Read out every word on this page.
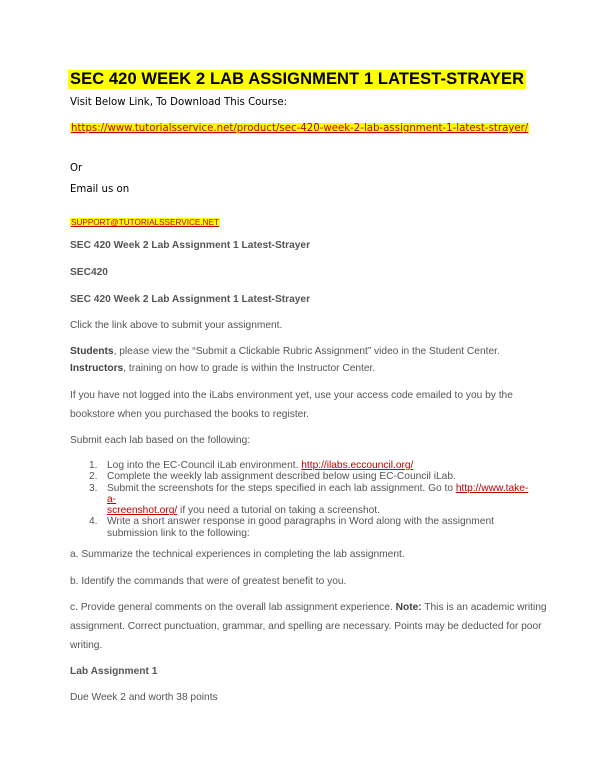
SEC 420 WEEK 2 LAB ASSIGNMENT 1 LATEST-STRAYER
Visit Below Link, To Download This Course:
https://www.tutorialsservice.net/product/sec-420-week-2-lab-assignment-1-latest-strayer/
Or
Email us on
SUPPORT@TUTORIALSSERVICE.NET
SEC 420 Week 2 Lab Assignment 1 Latest-Strayer
SEC420
SEC 420 Week 2 Lab Assignment 1 Latest-Strayer
Click the link above to submit your assignment.
Students, please view the “Submit a Clickable Rubric Assignment” video in the Student Center.
Instructors, training on how to grade is within the Instructor Center.
If you have not logged into the iLabs environment yet, use your access code emailed to you by the
bookstore when you purchased the books to register.
Submit each lab based on the following:
1. Log into the EC-Council iLab environment. http://ilabs.eccouncil.org/
2. Complete the weekly lab assignment described below using EC-Council iLab.
3. Submit the screenshots for the steps specified in each lab assignment. Go to http://www.take-a-
screenshot.org/ if you need a tutorial on taking a screenshot.
4. Write a short answer response in good paragraphs in Word along with the assignment
submission link to the following:
a. Summarize the technical experiences in completing the lab assignment.
b. Identify the commands that were of greatest benefit to you.
c. Provide general comments on the overall lab assignment experience. Note: This is an academic writing
assignment. Correct punctuation, grammar, and spelling are necessary. Points may be deducted for poor
writing.
Lab Assignment 1
Due Week 2 and worth 38 points
